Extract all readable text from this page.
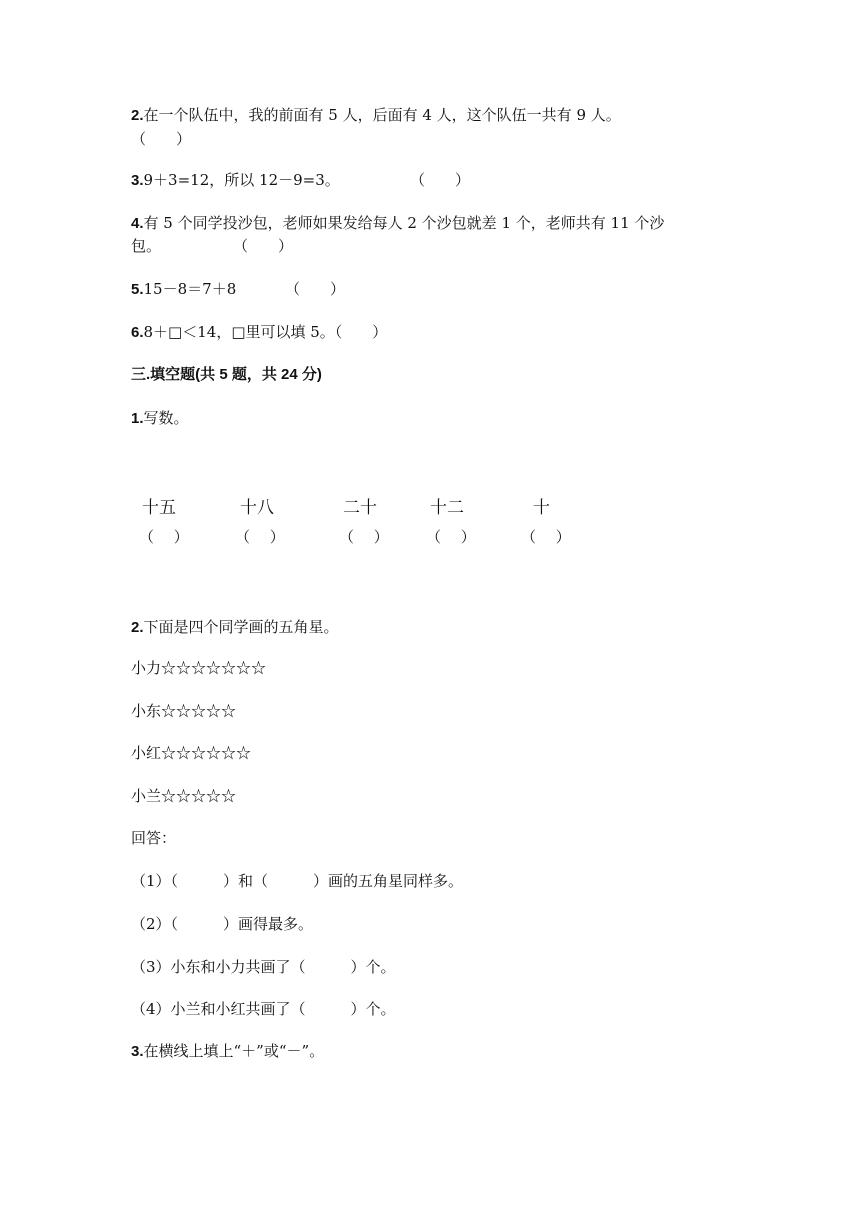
2.在一个队伍中，我的前面有 5 人，后面有 4 人，这个队伍一共有 9 人。
（　　）
3.9＋3=12，所以 12－9=3。	（　　）
4.有 5 个同学投沙包，老师如果发给每人 2 个沙包就差 1 个，老师共有 11 个沙
包。	（　　）
5.15－8＝7＋8	（　　）
6.8＋□＜14，□里可以填 5。（　　）
三.填空题(共 5 题，共 24 分)
1.写数。
十五	十八	二十	十二	十
（　 ）	（　 ）	（　 ） （　 ）	（　 ）
2.下面是四个同学画的五角星。
小力☆☆☆☆☆☆☆
小东☆☆☆☆☆
小红☆☆☆☆☆☆
小兰☆☆☆☆☆
回答：
（1）（　　　）和（　　　）画的五角星同样多。
（2）（　　　）画得最多。
（3）小东和小力共画了（　　　）个。
（4）小兰和小红共画了（　　　）个。
3.在横线上填上“＋”或“－”。
